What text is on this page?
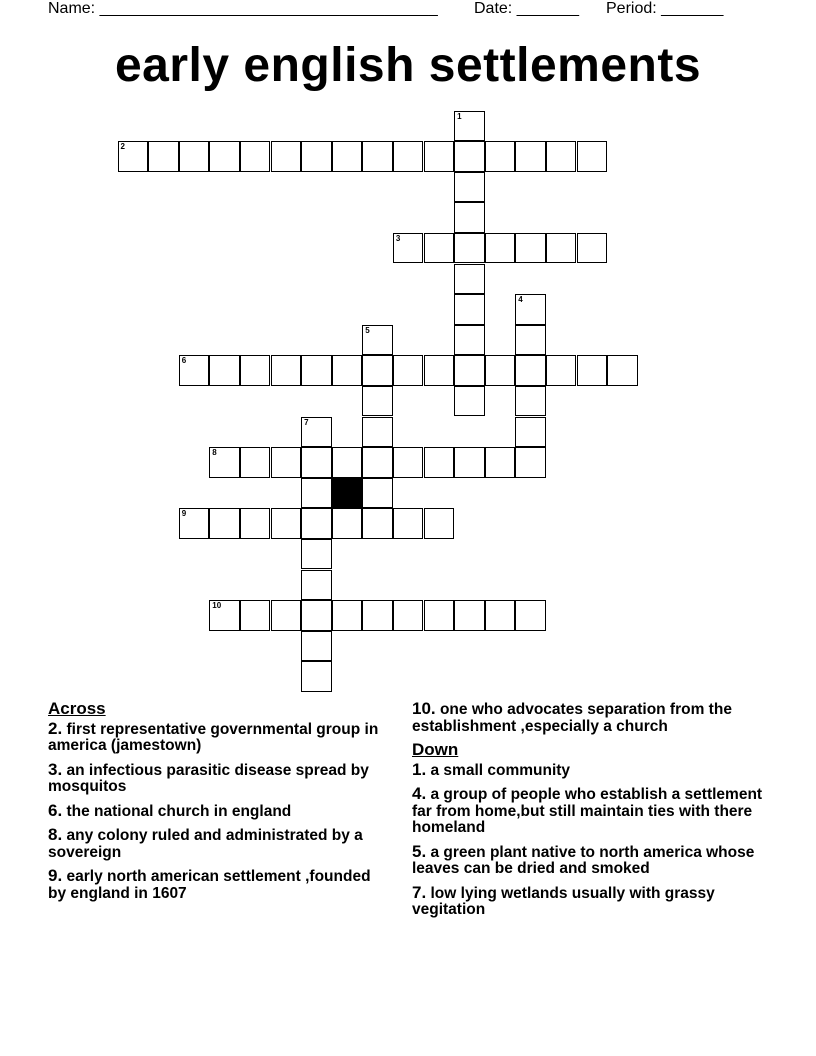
Name: ______________________________________ Date: _______ Period: _______
early english settlements
1
2
3
4
5
6
7
8
9
10
Across
2. first representative governmental group in america (jamestown)
3. an infectious parasitic disease spread by mosquitos
6. the national church in england
8. any colony ruled and administrated by a sovereign
9. early north american settlement ,founded by england in 1607
10. one who advocates separation from the establishment ,especially a church
Down
1. a small community
4. a group of people who establish a settlement far from home,but still maintain ties with there homeland
5. a green plant native to north america whose leaves can be dried and smoked
7. low lying wetlands usually with grassy vegitation
